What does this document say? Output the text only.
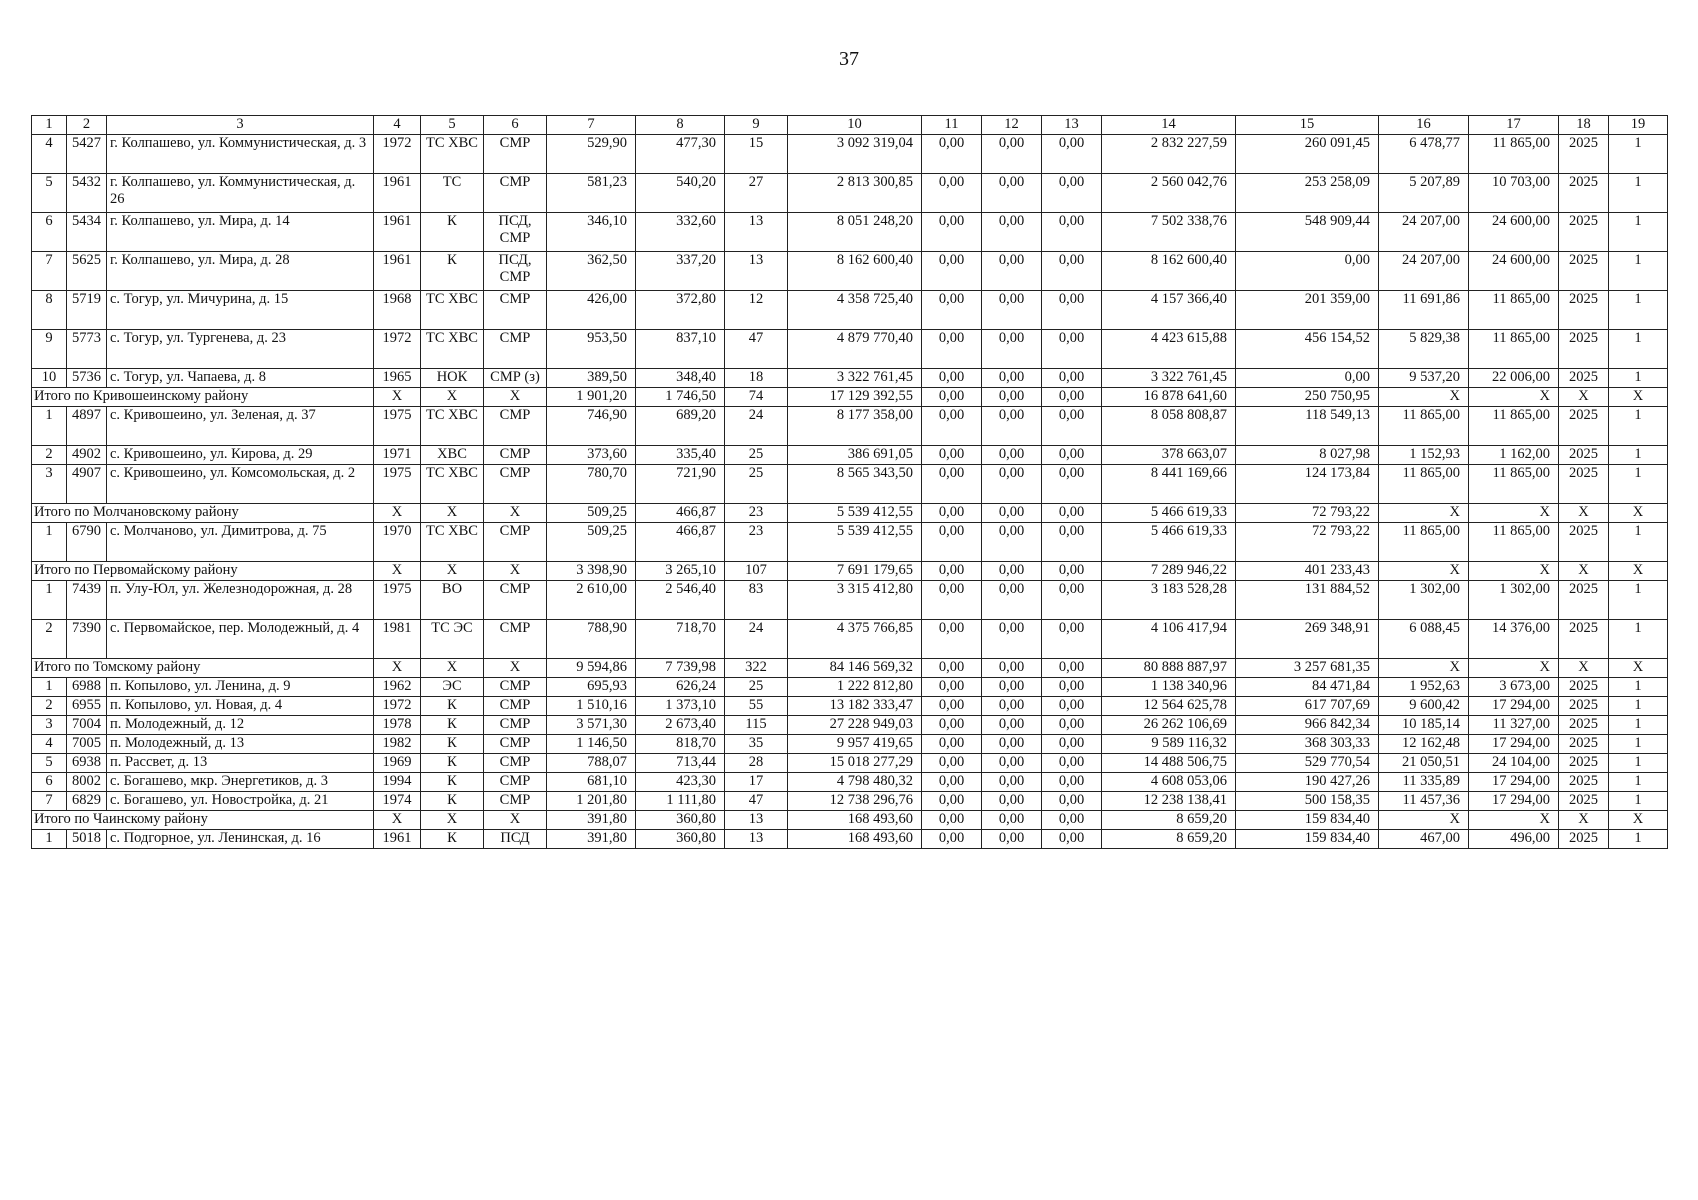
37
1	2	3	4	5	6	7	8	9	10	11	12	13	14	15	16	17	18	19
4	5427	г. Колпашево, ул. Коммунистическая, д. 3	1972	ТС ХВС	СМР	529,90	477,30	15	3 092 319,04	0,00	0,00	0,00	2 832 227,59	260 091,45	6 478,77	11 865,00	2025	1
5	5432	г. Колпашево, ул. Коммунистическая, д. 26	1961	ТС	СМР	581,23	540,20	27	2 813 300,85	0,00	0,00	0,00	2 560 042,76	253 258,09	5 207,89	10 703,00	2025	1
6	5434	г. Колпашево, ул. Мира, д. 14	1961	К	ПСД, СМР	346,10	332,60	13	8 051 248,20	0,00	0,00	0,00	7 502 338,76	548 909,44	24 207,00	24 600,00	2025	1
7	5625	г. Колпашево, ул. Мира, д. 28	1961	К	ПСД, СМР	362,50	337,20	13	8 162 600,40	0,00	0,00	0,00	8 162 600,40	0,00	24 207,00	24 600,00	2025	1
8	5719	с. Тогур, ул. Мичурина, д. 15	1968	ТС ХВС	СМР	426,00	372,80	12	4 358 725,40	0,00	0,00	0,00	4 157 366,40	201 359,00	11 691,86	11 865,00	2025	1
9	5773	с. Тогур, ул. Тургенева, д. 23	1972	ТС ХВС	СМР	953,50	837,10	47	4 879 770,40	0,00	0,00	0,00	4 423 615,88	456 154,52	5 829,38	11 865,00	2025	1
10	5736	с. Тогур, ул. Чапаева, д. 8	1965	НОК	СМР (з)	389,50	348,40	18	3 322 761,45	0,00	0,00	0,00	3 322 761,45	0,00	9 537,20	22 006,00	2025	1
Итого по Кривошеинскому району			X	X	X	1 901,20	1 746,50	74	17 129 392,55	0,00	0,00	0,00	16 878 641,60	250 750,95	X	X	X	X
1	4897	с. Кривошеино, ул. Зеленая, д. 37	1975	ТС ХВС	СМР	746,90	689,20	24	8 177 358,00	0,00	0,00	0,00	8 058 808,87	118 549,13	11 865,00	11 865,00	2025	1
2	4902	с. Кривошеино, ул. Кирова, д. 29	1971	ХВС	СМР	373,60	335,40	25	386 691,05	0,00	0,00	0,00	378 663,07	8 027,98	1 152,93	1 162,00	2025	1
3	4907	с. Кривошеино, ул. Комсомольская, д. 2	1975	ТС ХВС	СМР	780,70	721,90	25	8 565 343,50	0,00	0,00	0,00	8 441 169,66	124 173,84	11 865,00	11 865,00	2025	1
Итого по Молчановскому району			X	X	X	509,25	466,87	23	5 539 412,55	0,00	0,00	0,00	5 466 619,33	72 793,22	X	X	X	X
1	6790	с. Молчаново, ул. Димитрова, д. 75	1970	ТС ХВС	СМР	509,25	466,87	23	5 539 412,55	0,00	0,00	0,00	5 466 619,33	72 793,22	11 865,00	11 865,00	2025	1
Итого по Первомайскому району			X	X	X	3 398,90	3 265,10	107	7 691 179,65	0,00	0,00	0,00	7 289 946,22	401 233,43	X	X	X	X
1	7439	п. Улу-Юл, ул. Железнодорожная, д. 28	1975	ВО	СМР	2 610,00	2 546,40	83	3 315 412,80	0,00	0,00	0,00	3 183 528,28	131 884,52	1 302,00	1 302,00	2025	1
2	7390	с. Первомайское, пер. Молодежный, д. 4	1981	ТС ЭС	СМР	788,90	718,70	24	4 375 766,85	0,00	0,00	0,00	4 106 417,94	269 348,91	6 088,45	14 376,00	2025	1
Итого по Томскому району			X	X	X	9 594,86	7 739,98	322	84 146 569,32	0,00	0,00	0,00	80 888 887,97	3 257 681,35	X	X	X	X
1	6988	п. Копылово, ул. Ленина, д. 9	1962	ЭС	СМР	695,93	626,24	25	1 222 812,80	0,00	0,00	0,00	1 138 340,96	84 471,84	1 952,63	3 673,00	2025	1
2	6955	п. Копылово, ул. Новая, д. 4	1972	К	СМР	1 510,16	1 373,10	55	13 182 333,47	0,00	0,00	0,00	12 564 625,78	617 707,69	9 600,42	17 294,00	2025	1
3	7004	п. Молодежный, д. 12	1978	К	СМР	3 571,30	2 673,40	115	27 228 949,03	0,00	0,00	0,00	26 262 106,69	966 842,34	10 185,14	11 327,00	2025	1
4	7005	п. Молодежный, д. 13	1982	К	СМР	1 146,50	818,70	35	9 957 419,65	0,00	0,00	0,00	9 589 116,32	368 303,33	12 162,48	17 294,00	2025	1
5	6938	п. Рассвет, д. 13	1969	К	СМР	788,07	713,44	28	15 018 277,29	0,00	0,00	0,00	14 488 506,75	529 770,54	21 050,51	24 104,00	2025	1
6	8002	с. Богашево, мкр. Энергетиков, д. 3	1994	К	СМР	681,10	423,30	17	4 798 480,32	0,00	0,00	0,00	4 608 053,06	190 427,26	11 335,89	17 294,00	2025	1
7	6829	с. Богашево, ул. Новостройка, д. 21	1974	К	СМР	1 201,80	1 111,80	47	12 738 296,76	0,00	0,00	0,00	12 238 138,41	500 158,35	11 457,36	17 294,00	2025	1
Итого по Чаинскому району			X	X	X	391,80	360,80	13	168 493,60	0,00	0,00	0,00	8 659,20	159 834,40	X	X	X	X
1	5018	с. Подгорное, ул. Ленинская, д. 16	1961	К	ПСД	391,80	360,80	13	168 493,60	0,00	0,00	0,00	8 659,20	159 834,40	467,00	496,00	2025	1
